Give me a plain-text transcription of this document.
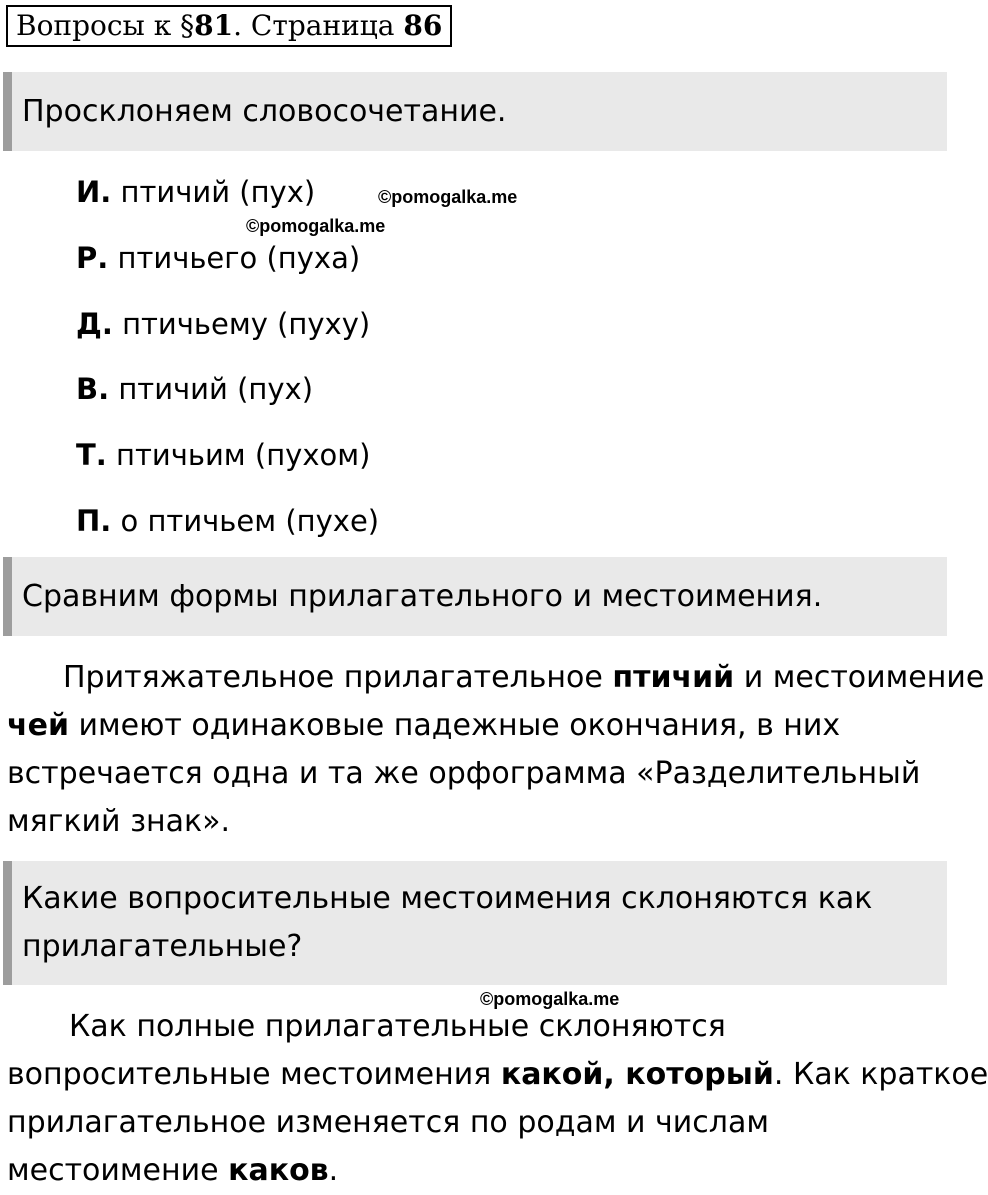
Вопросы к §81. Страница 86
Просклоняем словосочетание.
И. птичий (пух)
Р. птичьего (пуха)
Д. птичьему (пуху)
В. птичий (пух)
Т. птичьим (пухом)
П. о птичьем (пухе)
©pomogalka.me
©pomogalka.me
Сравним формы прилагательного и местоимения.
Притяжательное прилагательное птичий и местоимение
чей имеют одинаковые падежные окончания, в них
встречается одна и та же орфограмма «Разделительный
мягкий знак».
Какие вопросительные местоимения склоняются как
прилагательные?
©pomogalka.me
Как полные прилагательные склоняются
вопросительные местоимения какой, который. Как краткое
прилагательное изменяется по родам и числам
местоимение каков.
